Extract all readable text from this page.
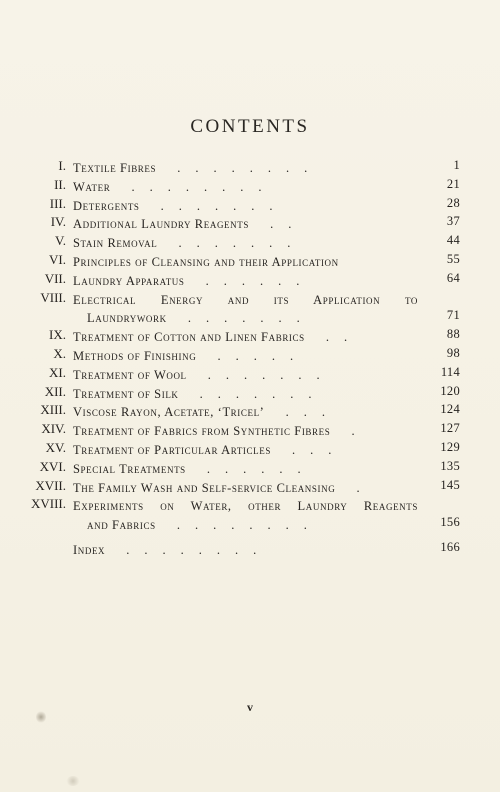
CONTENTS
I. Textile Fibres ........	1
II. Water ........	21
III. Detergents .......	28
IV. Additional Laundry Reagents ..	37
V. Stain Removal .......	44
VI. Principles of Cleansing and their Application	55
VII. Laundry Apparatus ......	64
VIII. Electrical Energy and its Application to
Laundrywork .......	71
IX. Treatment of Cotton and Linen Fabrics ..	88
X. Methods of Finishing .....	98
XI. Treatment of Wool .......	114
XII. Treatment of Silk .......	120
XIII. Viscose Rayon, Acetate, ‘Tricel’ ...	124
XIV. Treatment of Fabrics from Synthetic Fibres .	127
XV. Treatment of Particular Articles ...	129
XVI. Special Treatments ......	135
XVII. The Family Wash and Self-service Cleansing .	145
XVIII. Experiments on Water, other Laundry Reagents
and Fabrics ........	156
Index ........	166
v
